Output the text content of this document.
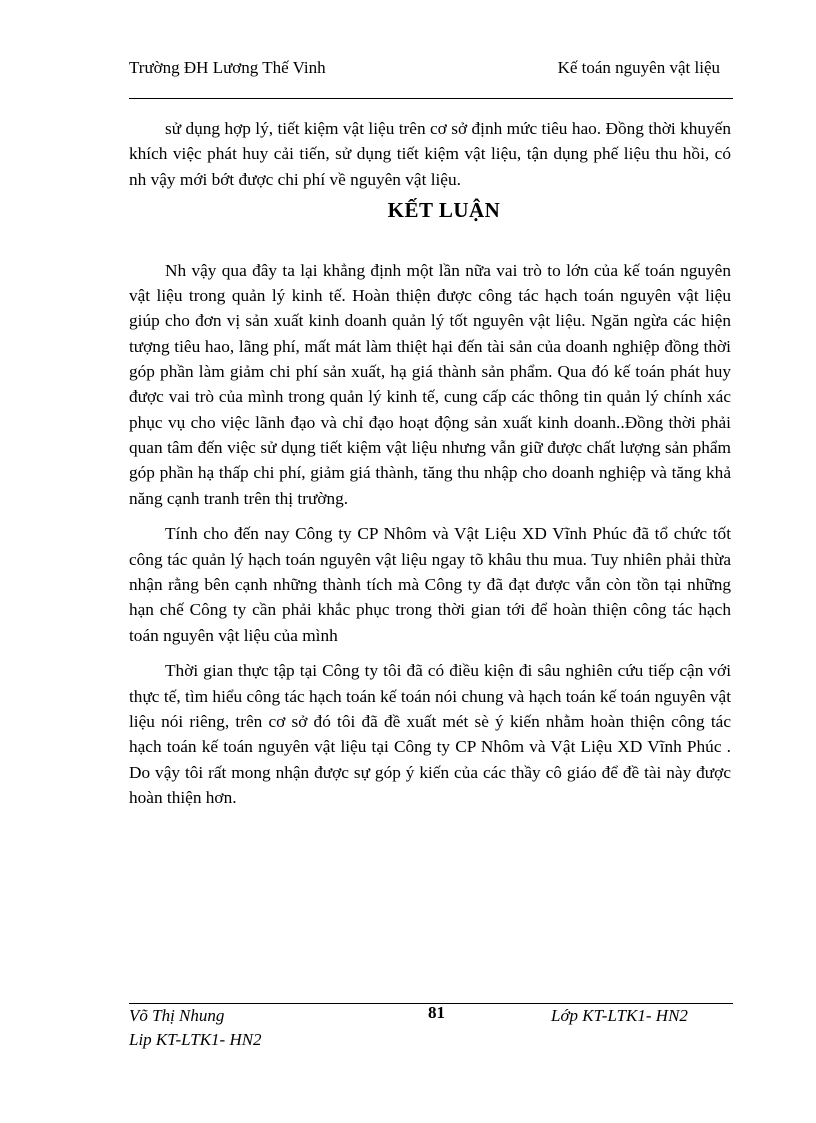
Trường ĐH Lương Thế Vinh	Kế toán nguyên vật liệu

sử dụng hợp lý, tiết kiệm vật liệu trên cơ sở định mức tiêu hao. Đồng thời khuyến khích việc phát huy cải tiến, sử dụng tiết kiệm vật liệu, tận dụng phế liệu thu hồi, có nh vậy mới bớt được chi phí về nguyên vật liệu.

KẾT LUẬN

Nh vậy qua đây ta lại khẳng định một lần nữa vai trò to lớn của kế toán nguyên vật liệu trong quản lý kinh tế. Hoàn thiện được công tác hạch toán nguyên vật liệu giúp cho đơn vị sản xuất kinh doanh quản lý tốt nguyên vật liệu. Ngăn ngừa các hiện tượng tiêu hao, lãng phí, mất mát làm thiệt hại đến tài sản của doanh nghiệp đồng thời góp phần làm giảm chi phí sản xuất, hạ giá thành sản phẩm. Qua đó kế toán phát huy được vai trò của mình trong quản lý kinh tế, cung cấp các thông tin quản lý chính xác phục vụ cho việc lãnh đạo và chỉ đạo hoạt động sản xuất kinh doanh..Đồng thời phải quan tâm đến việc sử dụng tiết kiệm vật liệu nhưng vẫn giữ được chất lượng sản phẩm góp phần hạ thấp chi phí, giảm giá thành, tăng thu nhập cho doanh nghiệp và tăng khả năng cạnh tranh trên thị trường.

Tính cho đến nay Công ty CP Nhôm và Vật Liệu XD Vĩnh Phúc đã tổ chức tốt công tác quản lý hạch toán nguyên vật liệu ngay tõ khâu thu mua. Tuy nhiên phải thừa nhận rằng bên cạnh những thành tích mà Công ty đã đạt được vẫn còn tồn tại những hạn chế Công ty cần phải khắc phục trong thời gian tới để hoàn thiện công tác hạch toán nguyên vật liệu của mình

Thời gian thực tập tại Công ty tôi đã có điều kiện đi sâu nghiên cứu tiếp cận với thực tế, tìm hiểu công tác hạch toán kế toán nói chung và hạch toán kế toán nguyên vật liệu nói riêng, trên cơ sở đó tôi đã đề xuất mét sè ý kiến nhằm hoàn thiện công tác hạch toán kế toán nguyên vật liệu tại Công ty CP Nhôm và Vật Liệu XD Vĩnh Phúc . Do vậy tôi rất mong nhận được sự góp ý kiến của các thầy cô giáo để đề tài này được hoàn thiện hơn.

Võ Thị Nhung	81	Lớp KT-LTK1- HN2
Lip KT-LTK1- HN2
